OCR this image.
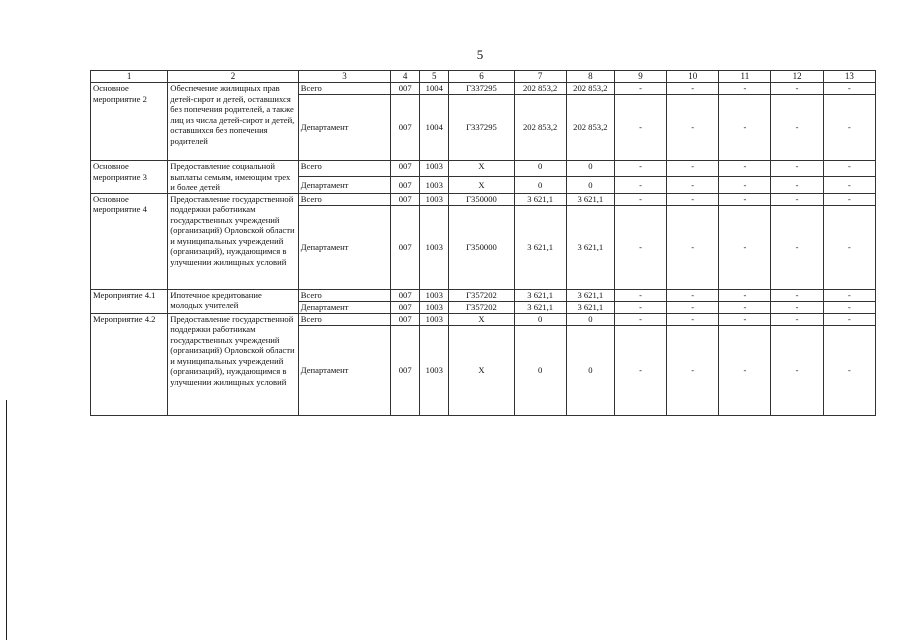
5
1	2	3	4	5	6	7	8	9	10	11	12	13
Основное мероприятие 2	Обеспечение жилищных прав детей-сирот и детей, оставшихся без попечения родителей, а также лиц из числа детей-сирот и детей, оставшихся без попечения родителей	Всего	007	1004	Г337295	202 853,2	202 853,2	-	-	-	-	-
		Департамент	007	1004	Г337295	202 853,2	202 853,2	-	-	-	-	-
Основное мероприятие 3	Предоставление социальной выплаты семьям, имеющим трех и более детей	Всего	007	1003	Х	0	0	-	-	-	-	-
		Департамент	007	1003	Х	0	0	-	-	-	-	-
Основное мероприятие 4	Предоставление государственной поддержки работникам государственных учреждений (организаций) Орловской области и муниципальных учреждений (организаций), нуждающимся в улучшении жилищных условий	Всего	007	1003	Г350000	3 621,1	3 621,1	-	-	-	-	-
		Департамент	007	1003	Г350000	3 621,1	3 621,1	-	-	-	-	-
Мероприятие 4.1	Ипотечное кредитование молодых учителей	Всего	007	1003	Г357202	3 621,1	3 621,1	-	-	-	-	-
		Департамент	007	1003	Г357202	3 621,1	3 621,1	-	-	-	-	-
Мероприятие 4.2	Предоставление государственной поддержки работникам государственных учреждений (организаций) Орловской области и муниципальных учреждений (организаций), нуждающимся в улучшении жилищных условий	Всего	007	1003	Х	0	0	-	-	-	-	-
		Департамент	007	1003	Х	0	0	-	-	-	-	-
